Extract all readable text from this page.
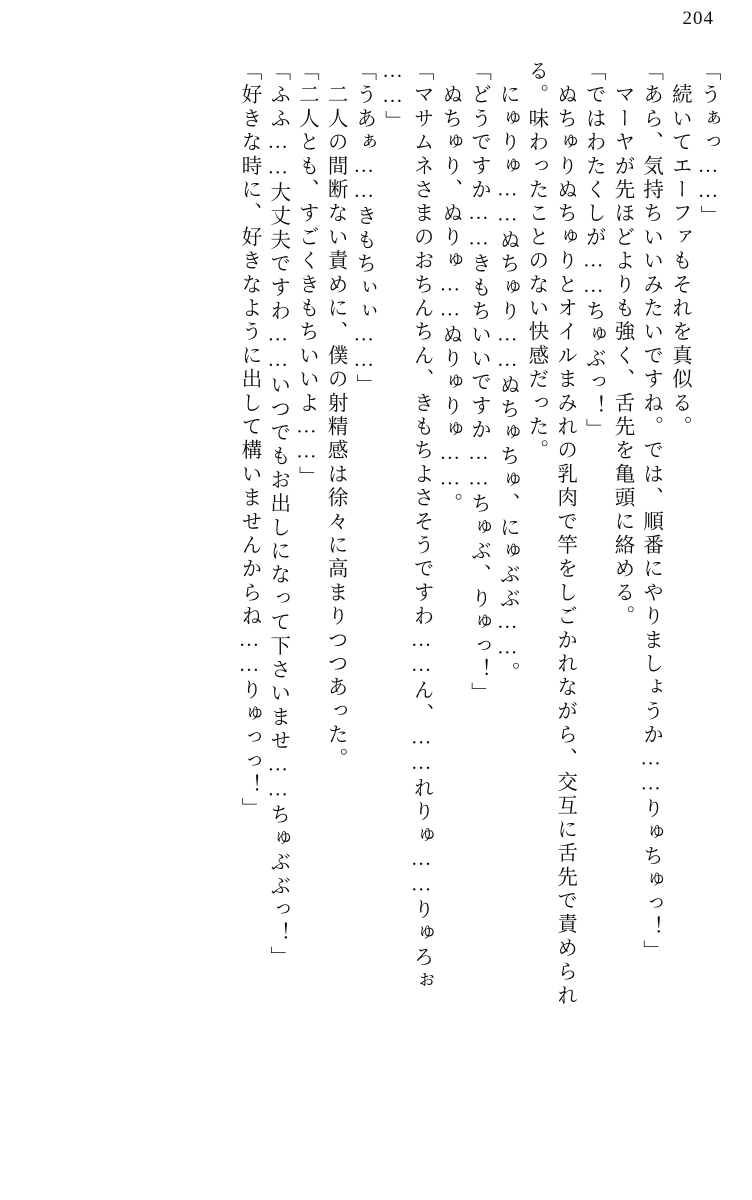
204
「うぁっ……」
　続いてエーファもそれを真似る。
「あら、気持ちいいみたいですね。では、順番にやりましょうか……りゅちゅっ！」
　マーヤが先ほどよりも強く、舌先を亀頭に絡める。
「ではわたくしが……ちゅぶっ！」
　ぬちゅりぬちゅりとオイルまみれの乳肉で竿をしごかれながら、交互に舌先で責められ
る。味わったことのない快感だった。
　にゅりゅ……ぬちゅり……ぬちゅちゅ、にゅぶぶ……。
「どうですか……きもちいいですか……ちゅぶ、りゅっ！」
　ぬちゅり、ぬりゅ……ぬりゅりゅ……。
「マサムネさまのおちんちん、きもちよさそうですわ……ん、……れりゅ……りゅろぉ
……」
「うあぁ……きもちぃぃ……」
　二人の間断ない責めに、僕の射精感は徐々に高まりつつあった。
「二人とも、すごくきもちいいよ……」
「ふふ……大丈夫ですわ……いつでもお出しになって下さいませ……ちゅぶぶっ！」
「好きな時に、好きなように出して構いませんからね……りゅっっ！」
